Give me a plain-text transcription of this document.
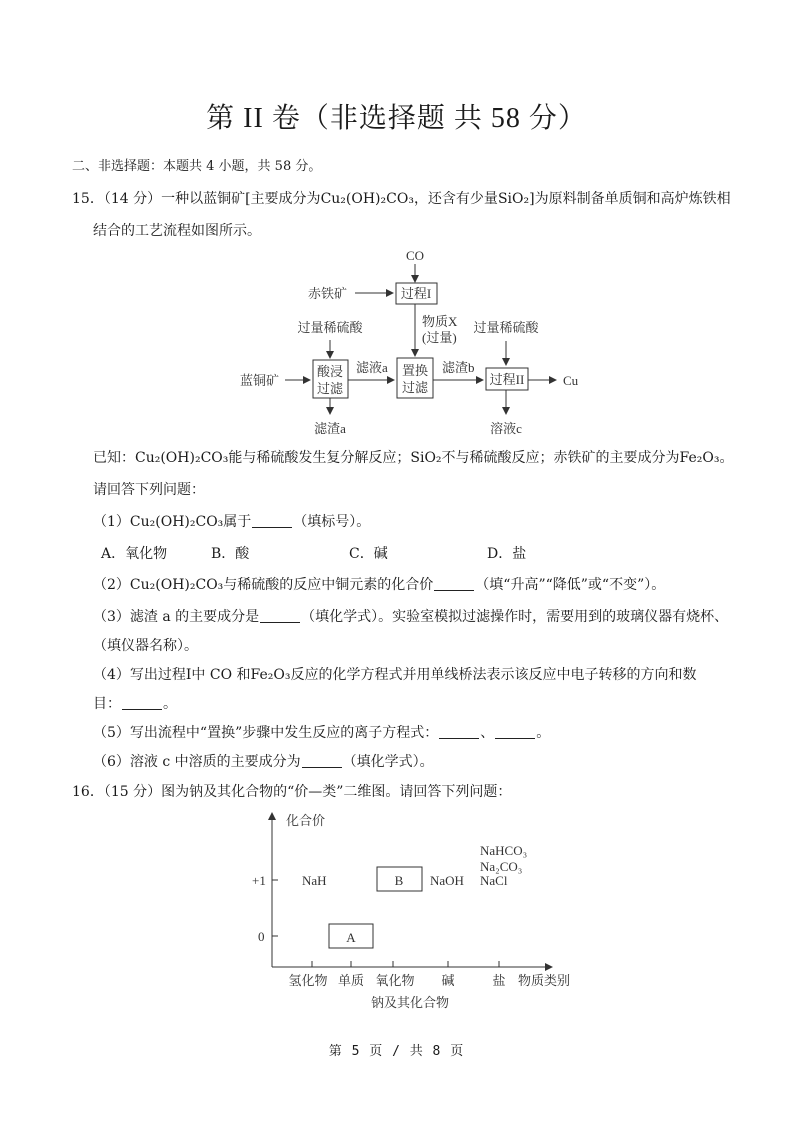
第 II 卷（非选择题 共 58 分）
二、非选择题：本题共 4 小题，共 58 分。
15．（14 分）一种以蓝铜矿[主要成分为Cu₂(OH)₂CO₃，还含有少量SiO₂]为原料制备单质铜和高炉炼铁相
结合的工艺流程如图所示。
CO
赤铁矿	过程I
物质X
(过量)
过量稀硫酸
蓝铜矿
酸浸
过滤
滤液a 置换
过滤
滤渣b
过量稀硫酸
过程II	Cu
滤渣a	溶液c
已知：Cu₂(OH)₂CO₃能与稀硫酸发生复分解反应；SiO₂不与稀硫酸反应；赤铁矿的主要成分为Fe₂O₃。
请回答下列问题：
（1）Cu₂(OH)₂CO₃属于	（填标号）。
A．氧化物	B．酸	C．碱	D．盐
（2）Cu₂(OH)₂CO₃与稀硫酸的反应中铜元素的化合价	（填“升高”“降低”或“不变”）。
（3）滤渣 a 的主要成分是	（填化学式）。实验室模拟过滤操作时，需要用到的玻璃仪器有烧杯、
（填仪器名称）。
（4）写出过程I中 CO 和Fe₂O₃反应的化学方程式并用单线桥法表示该反应中电子转移的方向和数
目：	。
（5）写出流程中“置换”步骤中发生反应的离子方程式：	、	。
（6）溶液 c 中溶质的主要成分为	（填化学式）。
16．（15 分）图为钠及其化合物的“价—类”二维图。请回答下列问题：
化合价
+1
0
NaH	B NaOH
NaHCO₃
Na₂CO₃
NaCl
A
氢化物 单质 氧化物 碱	盐 物质类别
钠及其化合物
第 5 页 / 共 8 页
